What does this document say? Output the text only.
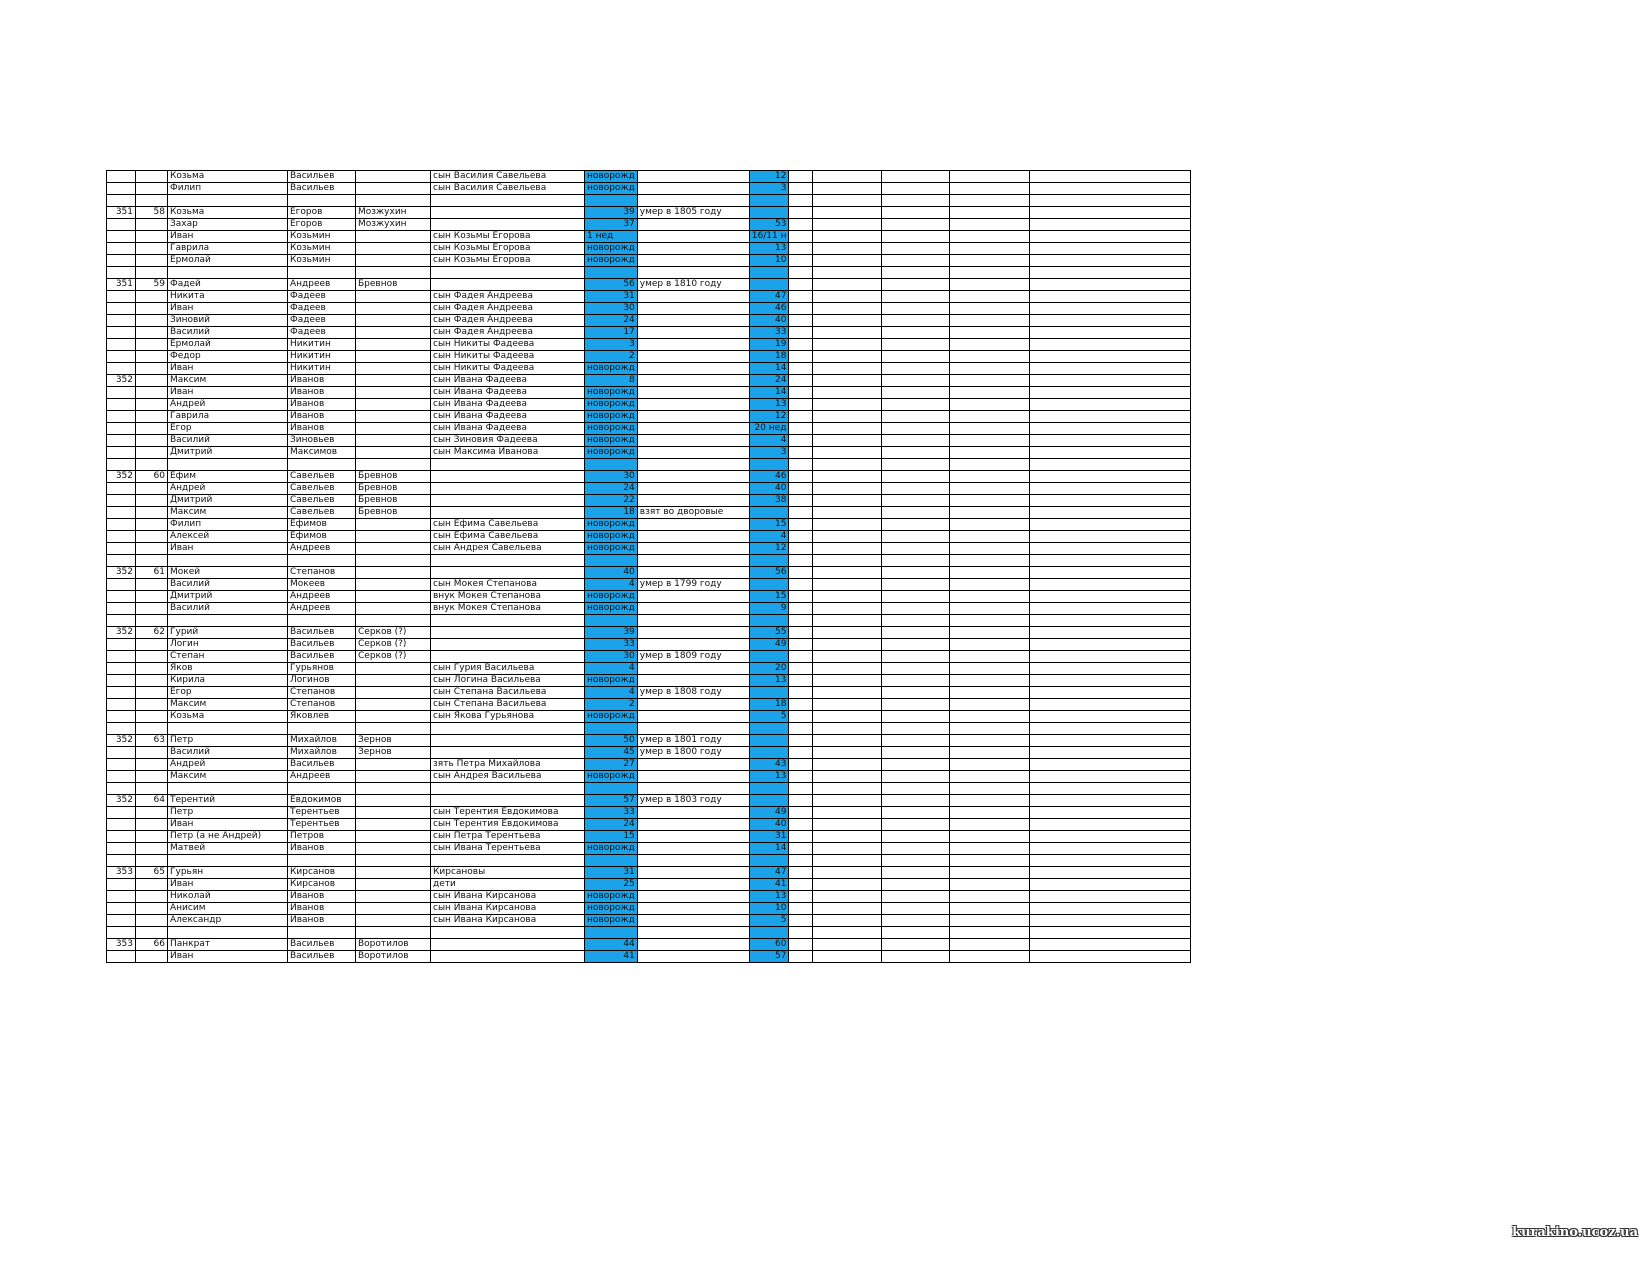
		Козьма	Васильев		сын Василия Савельева	новорожд		12					
		Филип	Васильев		сын Василия Савельева	новорожд		3					

351	58	Козьма	Егоров	Мозжухин		39	умер в 1805 году						
		Захар	Егоров	Мозжухин		37		53					
		Иван	Козьмин		сын Козьмы Егорова	1 нед		16/11 н					
		Гаврила	Козьмин		сын Козьмы Егорова	новорожд		13					
		Ермолай	Козьмин		сын Козьмы Егорова	новорожд		10					

351	59	Фадей	Андреев	Бревнов		56	умер в 1810 году						
		Никита	Фадеев		сын Фадея Андреева	31		47					
		Иван	Фадеев		сын Фадея Андреева	30		46					
		Зиновий	Фадеев		сын Фадея Андреева	24		40					
		Василий	Фадеев		сын Фадея Андреева	17		33					
		Ермолай	Никитин		сын Никиты Фадеева	3		19					
		Федор	Никитин		сын Никиты Фадеева	2		18					
		Иван	Никитин		сын Никиты Фадеева	новорожд		14					
352		Максим	Иванов		сын Ивана Фадеева	8		24					
		Иван	Иванов		сын Ивана Фадеева	новорожд		14					
		Андрей	Иванов		сын Ивана Фадеева	новорожд		13					
		Гаврила	Иванов		сын Ивана Фадеева	новорожд		12					
		Егор	Иванов		сын Ивана Фадеева	новорожд		20 нед					
		Василий	Зиновьев		сын Зиновия Фадеева	новорожд		4					
		Дмитрий	Максимов		сын Максима Иванова	новорожд		3					

352	60	Ефим	Савельев	Бревнов		30		46					
		Андрей	Савельев	Бревнов		24		40					
		Дмитрий	Савельев	Бревнов		22		38					
		Максим	Савельев	Бревнов		18	взят во дворовые						
		Филип	Ефимов		сын Ефима Савельева	новорожд		15					
		Алексей	Ефимов		сын Ефима Савельева	новорожд		4					
		Иван	Андреев		сын Андрея Савельева	новорожд		12					

352	61	Мокей	Степанов			40		56					
		Василий	Мокеев		сын Мокея Степанова	4	умер в 1799 году						
		Дмитрий	Андреев		внук Мокея Степанова	новорожд		15					
		Василий	Андреев		внук Мокея Степанова	новорожд		9					

352	62	Гурий	Васильев	Серков (?)		39		55					
		Логин	Васильев	Серков (?)		33		49					
		Степан	Васильев	Серков (?)		30	умер в 1809 году						
		Яков	Гурьянов		сын Гурия Васильева	4		20					
		Кирила	Логинов		сын Логина Васильева	новорожд		13					
		Егор	Степанов		сын Степана Васильева	4	умер в 1808 году						
		Максим	Степанов		сын Степана Васильева	2		18					
		Козьма	Яковлев		сын Якова Гурьянова	новорожд		5					

352	63	Петр	Михайлов	Зернов		50	умер в 1801 году						
		Василий	Михайлов	Зернов		45	умер в 1800 году						
		Андрей	Васильев		зять Петра Михайлова	27		43					
		Максим	Андреев		сын Андрея Васильева	новорожд		13					

352	64	Терентий	Евдокимов			57	умер в 1803 году						
		Петр	Терентьев		сын Терентия Евдокимова	33		49					
		Иван	Терентьев		сын Терентия Евдокимова	24		40					
		Петр (а не Андрей)	Петров		сын Петра Терентьева	15		31					
		Матвей	Иванов		сын Ивана Терентьева	новорожд		14					

353	65	Гурьян	Кирсанов		Кирсановы	31		47					
		Иван	Кирсанов		дети	25		41					
		Николай	Иванов		сын Ивана Кирсанова	новорожд		13					
		Анисим	Иванов		сын Ивана Кирсанова	новорожд		10					
		Александр	Иванов		сын Ивана Кирсанова	новорожд		5					

353	66	Панкрат	Васильев	Воротилов		44		60					
		Иван	Васильев	Воротилов		41		57					
kurakino.ucoz.ua
